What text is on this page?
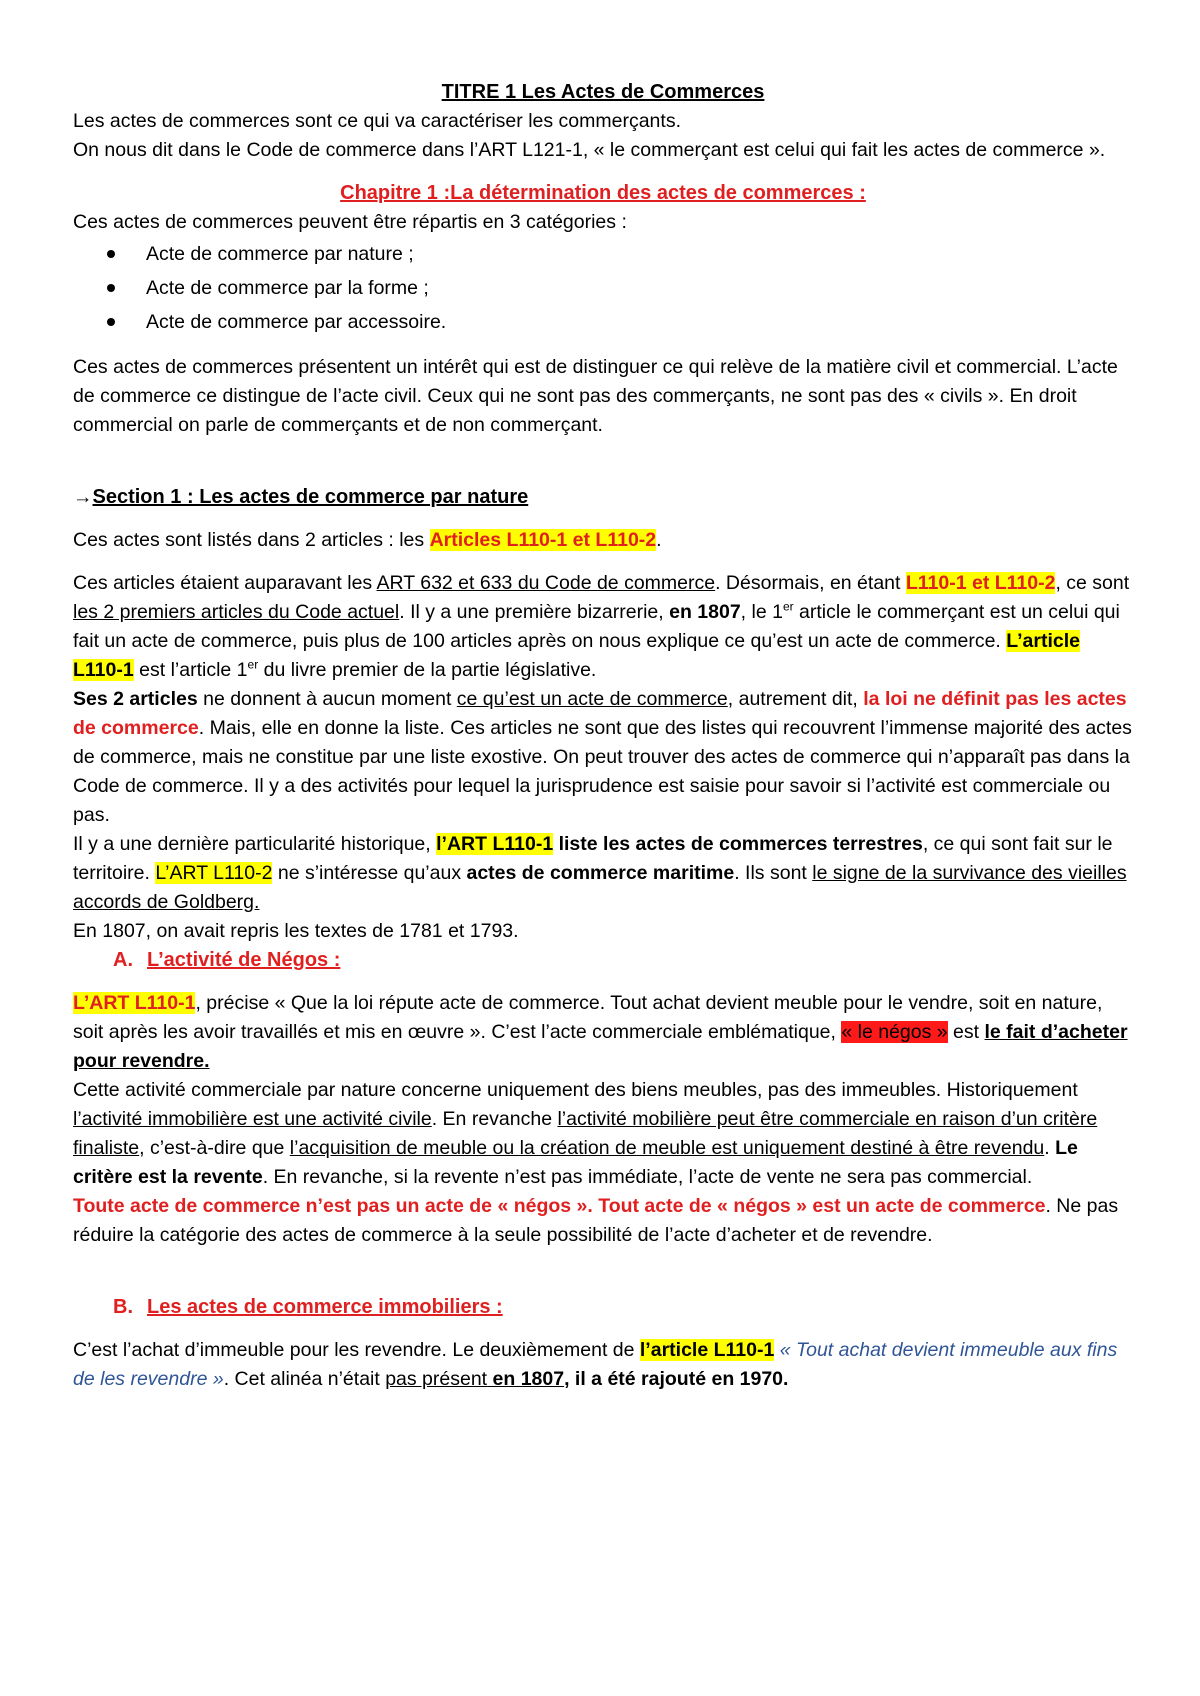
TITRE 1 Les Actes de Commerces

Les actes de commerces sont ce qui va caractériser les commerçants.

On nous dit dans le Code de commerce dans l’ART L121-1, « le commerçant est celui qui fait les actes de commerce ».

Chapitre 1 :La détermination des actes de commerces :

Ces actes de commerces peuvent être répartis en 3 catégories :

Acte de commerce par nature ;
Acte de commerce par la forme ;
Acte de commerce par accessoire.

Ces actes de commerces présentent un intérêt qui est de distinguer ce qui relève de la matière civil et commercial. L’acte de commerce ce distingue de l’acte civil. Ceux qui ne sont pas des commerçants, ne sont pas des « civils ». En droit commercial on parle de commerçants et de non commerçant.

→Section 1 : Les actes de commerce par nature

Ces actes sont listés dans 2 articles : les Articles L110-1 et L110-2.

Ces articles étaient auparavant les ART 632 et 633 du Code de commerce. Désormais, en étant L110-1 et L110-2, ce sont les 2 premiers articles du Code actuel. Il y a une première bizarrerie, en 1807, le 1er article le commerçant est un celui qui fait un acte de commerce, puis plus de 100 articles après on nous explique ce qu’est un acte de commerce. L’article L110-1 est l’article 1er du livre premier de la partie législative.

Ses 2 articles ne donnent à aucun moment ce qu’est un acte de commerce, autrement dit, la loi ne définit pas les actes de commerce. Mais, elle en donne la liste. Ces articles ne sont que des listes qui recouvrent l’immense majorité des actes de commerce, mais ne constitue par une liste exostive. On peut trouver des actes de commerce qui n’apparaît pas dans la Code de commerce. Il y a des activités pour lequel la jurisprudence est saisie pour savoir si l’activité est commerciale ou pas.

Il y a une dernière particularité historique, l’ART L110-1 liste les actes de commerces terrestres, ce qui sont fait sur le territoire. L’ART L110-2 ne s’intéresse qu’aux actes de commerce maritime. Ils sont le signe de la survivance des vieilles accords de Goldberg.

En 1807, on avait repris les textes de 1781 et 1793.

A. L’activité de Négos :

L’ART L110-1, précise « Que la loi répute acte de commerce. Tout achat devient meuble pour le vendre, soit en nature, soit après les avoir travaillés et mis en œuvre ». C’est l’acte commerciale emblématique, « le négos » est le fait d’acheter pour revendre.

Cette activité commerciale par nature concerne uniquement des biens meubles, pas des immeubles. Historiquement l’activité immobilière est une activité civile. En revanche l’activité mobilière peut être commerciale en raison d’un critère finaliste, c’est-à-dire que l’acquisition de meuble ou la création de meuble est uniquement destiné à être revendu. Le critère est la revente. En revanche, si la revente n’est pas immédiate, l’acte de vente ne sera pas commercial.

Toute acte de commerce n’est pas un acte de « négos ». Tout acte de « négos » est un acte de commerce. Ne pas réduire la catégorie des actes de commerce à la seule possibilité de l’acte d’acheter et de revendre.

B. Les actes de commerce immobiliers :

C’est l’achat d’immeuble pour les revendre. Le deuxièmement de l’article L110-1 « Tout achat devient immeuble aux fins de les revendre ». Cet alinéa n’était pas présent en 1807, il a été rajouté en 1970.
